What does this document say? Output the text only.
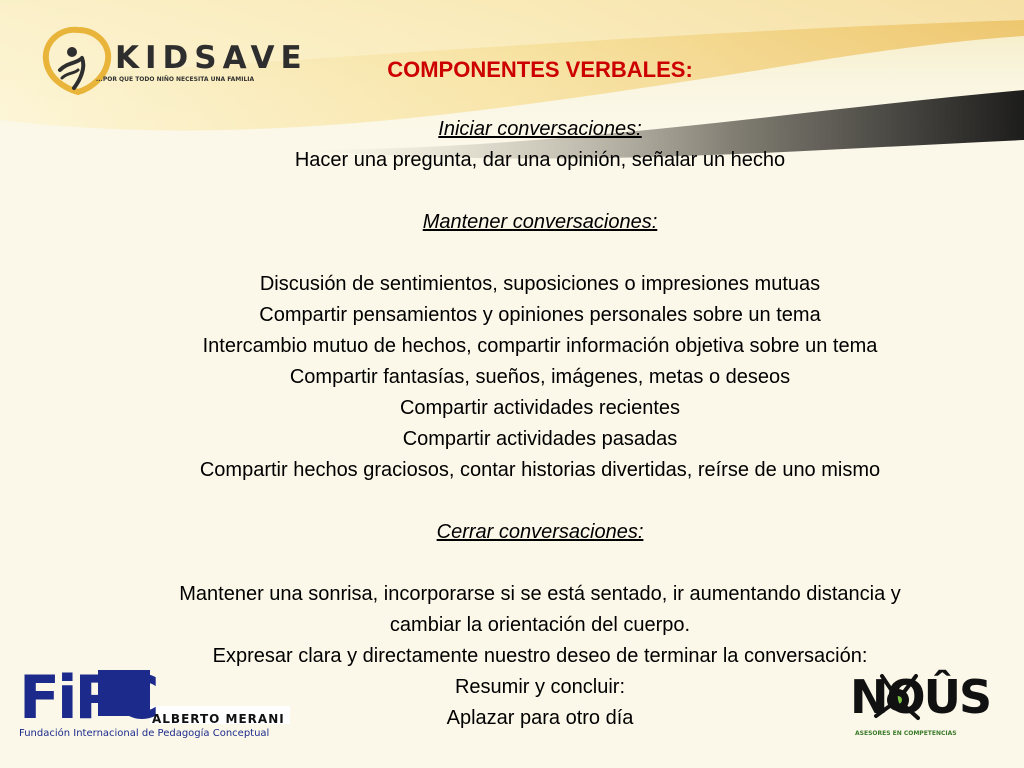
KIDSAVE
...POR QUE TODO NIÑO NECESITA UNA FAMILIA	COMPONENTES VERBALES:
Iniciar conversaciones:
Hacer una pregunta, dar una opinión, señalar un hecho
Mantener conversaciones:
Discusión de sentimientos, suposiciones o impresiones mutuas
Compartir pensamientos y opiniones personales sobre un tema
Intercambio mutuo de hechos, compartir información objetiva sobre un tema
Compartir fantasías, sueños, imágenes, metas o deseos
Compartir actividades recientes
Compartir actividades pasadas
Compartir hechos graciosos, contar historias divertidas, reírse de uno mismo
Cerrar conversaciones:
Mantener una sonrisa, incorporarse si se está sentado, ir aumentando distancia y
cambiar la orientación del cuerpo.
Expresar clara y directamente nuestro deseo de terminar la conversación:
Resumir y concluir:
Aplazar para otro día
FiPC
ALBERTO MERANI
Fundación Internacional de Pedagogía Conceptual
NOÛS
ASESORES EN COMPETENCIAS
